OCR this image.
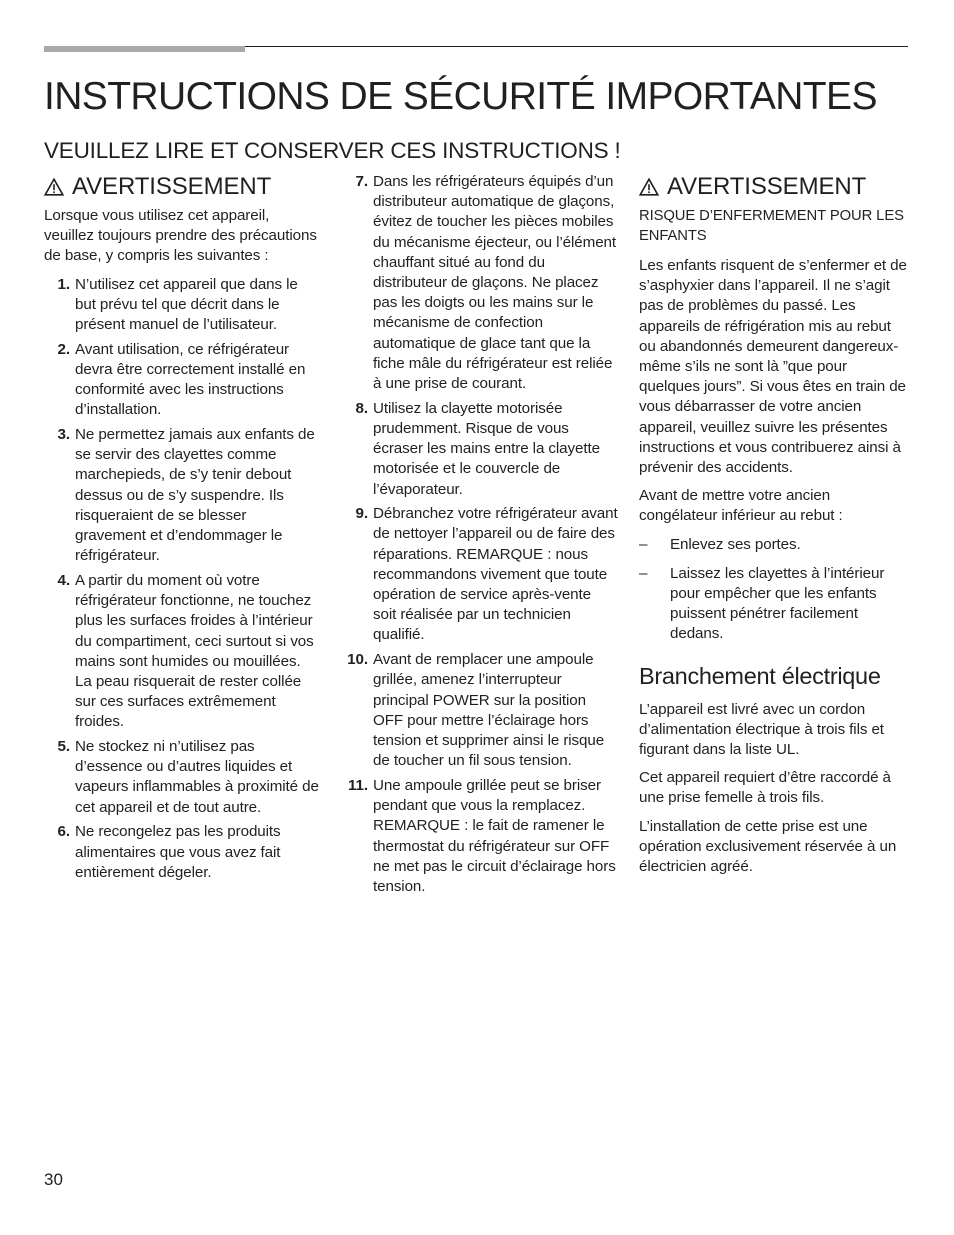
INSTRUCTIONS DE SÉCURITÉ IMPORTANTES
VEUILLEZ LIRE ET CONSERVER CES INSTRUCTIONS !
AVERTISSEMENT

Lorsque vous utilisez cet appareil, veuillez toujours prendre des précautions de base, y compris les suivantes :

1. N’utilisez cet appareil que dans le but prévu tel que décrit dans le présent manuel de l’utilisateur.
2. Avant utilisation, ce réfrigérateur devra être correctement installé en conformité avec les instructions d’installation.
3. Ne permettez jamais aux enfants de se servir des clayettes comme marchepieds, de s’y tenir debout dessus ou de s’y suspendre. Ils risqueraient de se blesser gravement et d’endommager le réfrigérateur.
4. A partir du moment où votre réfrigérateur fonctionne, ne touchez plus les surfaces froides à l’intérieur du compartiment, ceci surtout si vos mains sont humides ou mouillées. La peau risquerait de rester collée sur ces surfaces extrêmement froides.
5. Ne stockez ni n’utilisez pas d’essence ou d’autres liquides et vapeurs inflammables à proximité de cet appareil et de tout autre.
6. Ne recongelez pas les produits alimentaires que vous avez fait entièrement dégeler.
7. Dans les réfrigérateurs équipés d’un distributeur automatique de glaçons, évitez de toucher les pièces mobiles du mécanisme éjecteur, ou l’élément chauffant situé au fond du distributeur de glaçons. Ne placez pas les doigts ou les mains sur le mécanisme de confection automatique de glace tant que la fiche mâle du réfrigérateur est reliée à une prise de courant.
8. Utilisez la clayette motorisée prudemment. Risque de vous écraser les mains entre la clayette motorisée et le couvercle de l’évaporateur.
9. Débranchez votre réfrigérateur avant de nettoyer l’appareil ou de faire des réparations. REMARQUE : nous recommandons vivement que toute opération de service après-vente soit réalisée par un technicien qualifié.
10. Avant de remplacer une ampoule grillée, amenez l’interrupteur principal POWER sur la position OFF pour mettre l’éclairage hors tension et supprimer ainsi le risque de toucher un fil sous tension.
11. Une ampoule grillée peut se briser pendant que vous la remplacez. REMARQUE : le fait de ramener le thermostat du réfrigérateur sur OFF ne met pas le circuit d’éclairage hors tension.
AVERTISSEMENT
RISQUE D’ENFERMEMENT POUR LES ENFANTS

Les enfants risquent de s’enfermer et de s’asphyxier dans l’appareil. Il ne s’agit pas de problèmes du passé. Les appareils de réfrigération mis au rebut ou abandonnés demeurent dangereux-même s’ils ne sont là ”que pour quelques jours”. Si vous êtes en train de vous débarrasser de votre ancien appareil, veuillez suivre les présentes instructions et vous contribuerez ainsi à prévenir des accidents.

Avant de mettre votre ancien congélateur inférieur au rebut :

–	Enlevez ses portes.
–	Laissez les clayettes à l’intérieur pour empêcher que les enfants puissent pénétrer facilement dedans.
Branchement électrique

L’appareil est livré avec un cordon d’alimentation électrique à trois fils et figurant dans la liste UL.

Cet appareil requiert d’être raccordé à une prise femelle à trois fils.

L’installation de cette prise est une opération exclusivement réservée à un électricien agréé.

30
